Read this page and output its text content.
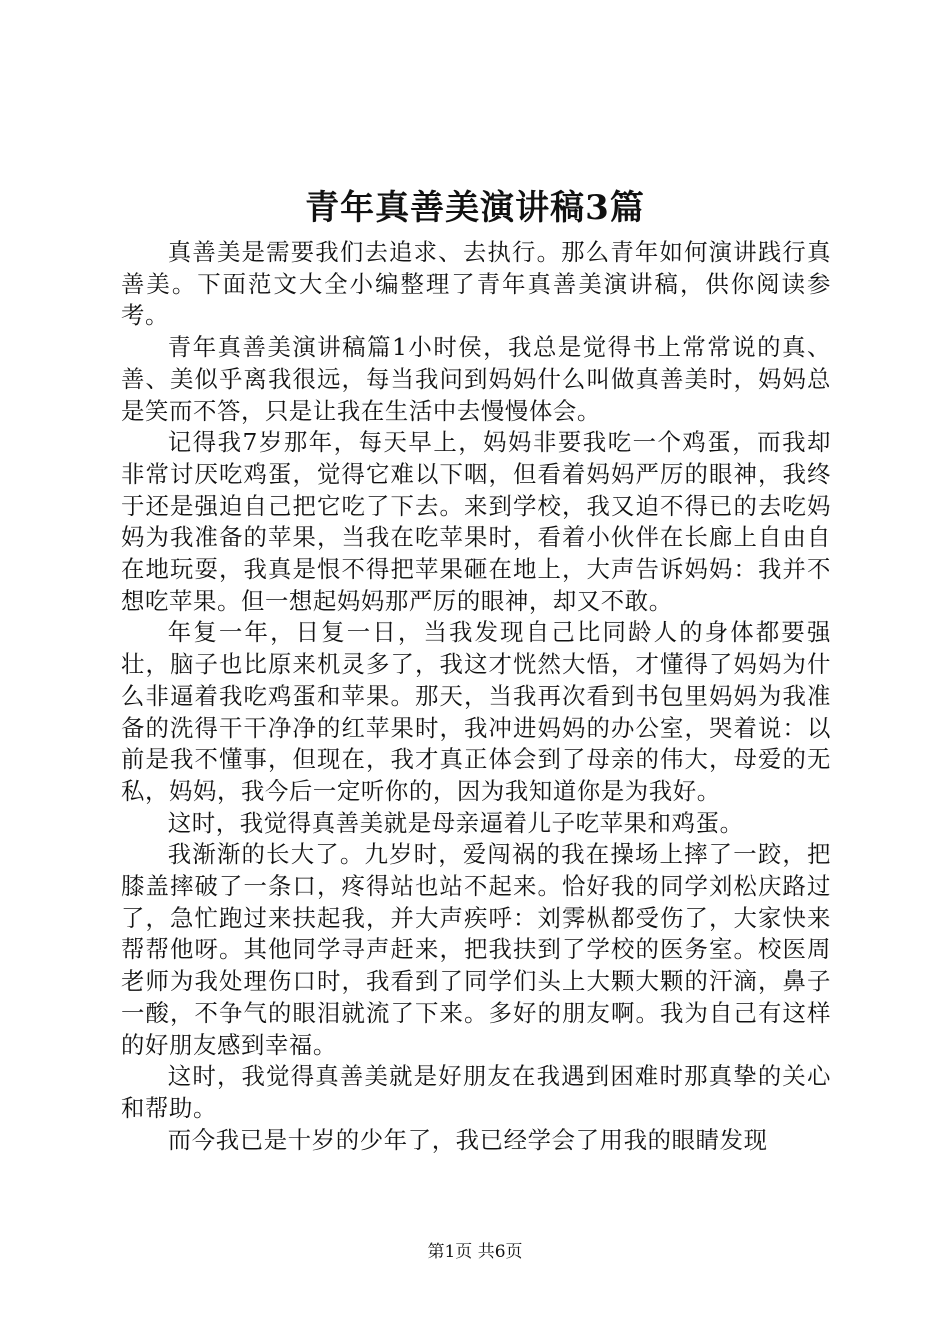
青年真善美演讲稿3篇

真善美是需要我们去追求、去执行。那么青年如何演讲践行真善美。下面范文大全小编整理了青年真善美演讲稿，供你阅读参考。

青年真善美演讲稿篇1小时侯，我总是觉得书上常常说的真、善、美似乎离我很远，每当我问到妈妈什么叫做真善美时，妈妈总是笑而不答，只是让我在生活中去慢慢体会。

记得我7岁那年，每天早上，妈妈非要我吃一个鸡蛋，而我却非常讨厌吃鸡蛋，觉得它难以下咽，但看着妈妈严厉的眼神，我终于还是强迫自己把它吃了下去。来到学校，我又迫不得已的去吃妈妈为我准备的苹果，当我在吃苹果时，看着小伙伴在长廊上自由自在地玩耍，我真是恨不得把苹果砸在地上，大声告诉妈妈：我并不想吃苹果。但一想起妈妈那严厉的眼神，却又不敢。

年复一年，日复一日，当我发现自己比同龄人的身体都要强壮，脑子也比原来机灵多了，我这才恍然大悟，才懂得了妈妈为什么非逼着我吃鸡蛋和苹果。那天，当我再次看到书包里妈妈为我准备的洗得干干净净的红苹果时，我冲进妈妈的办公室，哭着说：以前是我不懂事，但现在，我才真正体会到了母亲的伟大，母爱的无私，妈妈，我今后一定听你的，因为我知道你是为我好。

这时，我觉得真善美就是母亲逼着儿子吃苹果和鸡蛋。

我渐渐的长大了。九岁时，爱闯祸的我在操场上摔了一跤，把膝盖摔破了一条口，疼得站也站不起来。恰好我的同学刘松庆路过了，急忙跑过来扶起我，并大声疾呼：刘霁枞都受伤了，大家快来帮帮他呀。其他同学寻声赶来，把我扶到了学校的医务室。校医周老师为我处理伤口时，我看到了同学们头上大颗大颗的汗滴，鼻子一酸，不争气的眼泪就流了下来。多好的朋友啊。我为自己有这样的好朋友感到幸福。

这时，我觉得真善美就是好朋友在我遇到困难时那真挚的关心和帮助。

而今我已是十岁的少年了，我已经学会了用我的眼睛发现

第1页 共6页
